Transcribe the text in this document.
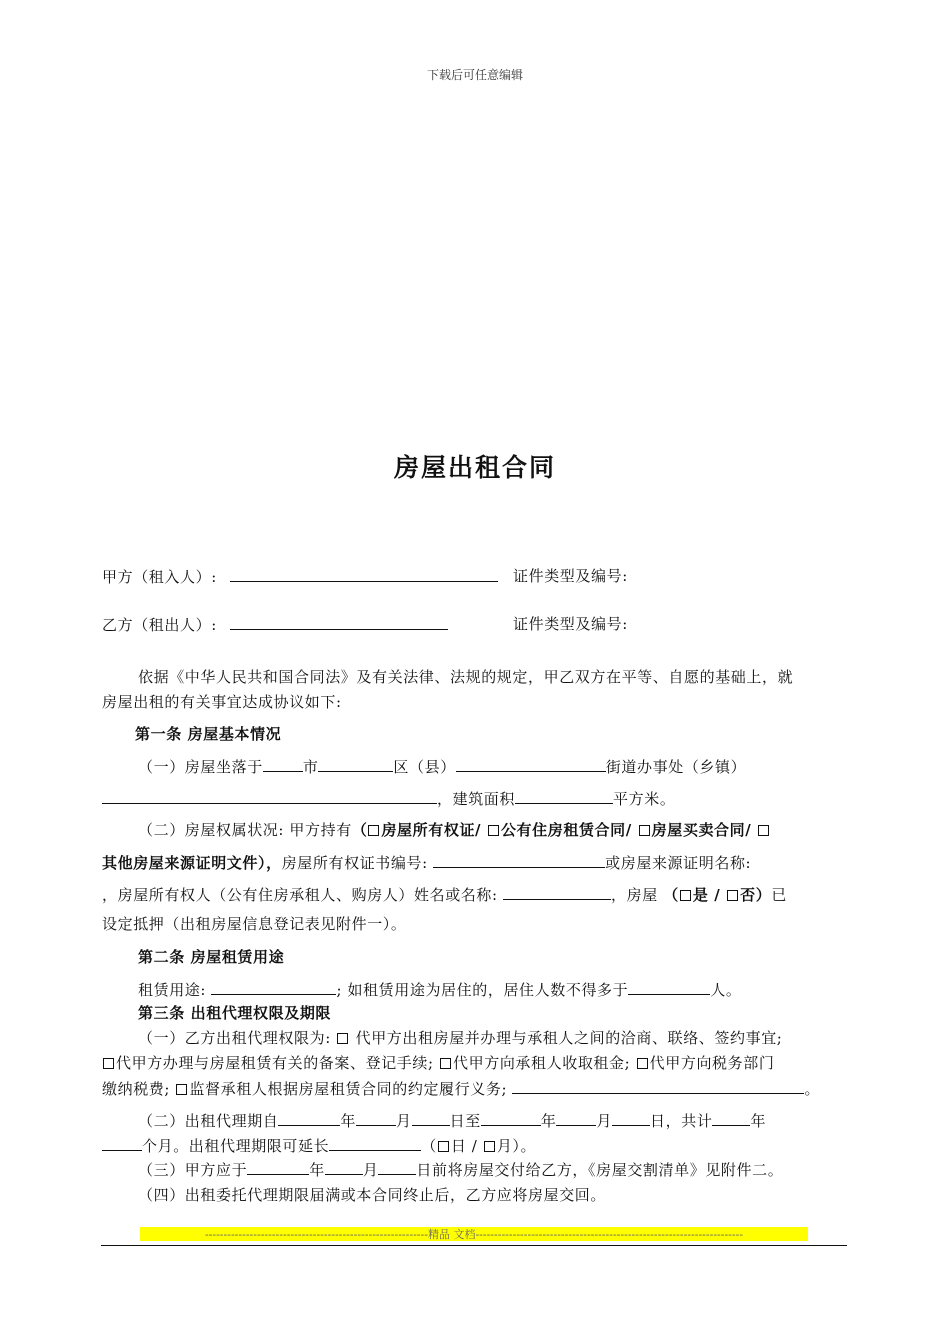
下载后可任意编辑
房屋出租合同
甲方（租入人）:	证件类型及编号:
乙方（租出人）:	证件类型及编号:
依据《中华人民共和国合同法》及有关法律、法规的规定，甲乙双方在平等、自愿的基础上，就
房屋出租的有关事宜达成协议如下:
第一条 房屋基本情况
（一）房屋坐落于	市	区（县）	街道办事处（乡镇）
，建筑面积	平方米。
（二）房屋权属状况: 甲方持有（ 房屋所有权证/ 公有住房租赁合同/ 房屋买卖合同/
其他房屋来源证明文件），房屋所有权证书编号:	或房屋来源证明名称:
，房屋所有权人（公有住房承租人、购房人）姓名或名称:	，房屋 （ 是 / 否）已
设定抵押（出租房屋信息登记表见附件一）。
第二条 房屋租赁用途
租赁用途:	; 如租赁用途为居住的，居住人数不得多于	人。
第三条 出租代理权限及期限
（一）乙方出租代理权限为:  代甲方出租房屋并办理与承租人之间的洽商、联络、签约事宜;
代甲方办理与房屋租赁有关的备案、登记手续; 代甲方向承租人收取租金; 代甲方向税务部门
缴纳税费; 监督承租人根据房屋租赁合同的约定履行义务;	。
（二）出租代理期自	年	月	日至	年	月	日，共计	年
个月。出租代理期限可延长	（ 日 / 月）。
（三）甲方应于	年	月	日前将房屋交付给乙方，《房屋交割清单》见附件二。
（四）出租委托代理期限届满或本合同终止后，乙方应将房屋交回。
------------------------------------------------------------精品 文档------------------------------------------------------------------------
